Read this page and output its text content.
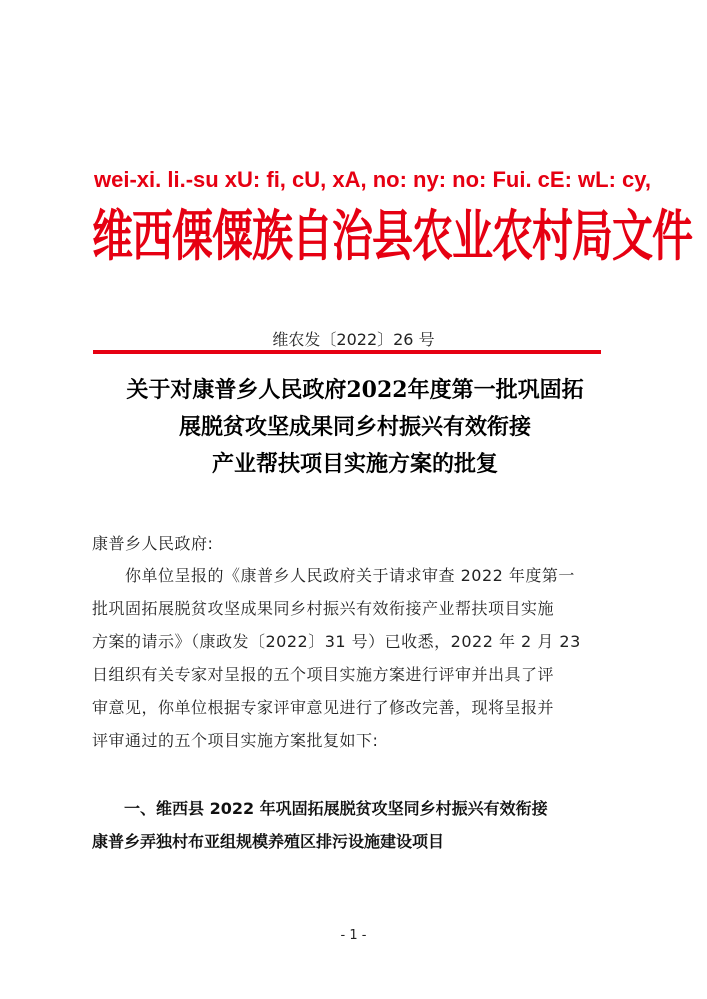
wei-xi. li.-su xU: fi, cU, xA, no: ny: no: Fui. cE: wL: cy,
维西傈僳族自治县农业农村局文件
维农发〔2022〕26 号
关于对康普乡人民政府2022年度第一批巩固拓
展脱贫攻坚成果同乡村振兴有效衔接
产业帮扶项目实施方案的批复
康普乡人民政府:
　　你单位呈报的《康普乡人民政府关于请求审查 2022 年度第一
批巩固拓展脱贫攻坚成果同乡村振兴有效衔接产业帮扶项目实施
方案的请示》（康政发〔2022〕31 号）已收悉，2022 年 2 月 23
日组织有关专家对呈报的五个项目实施方案进行评审并出具了评
审意见，你单位根据专家评审意见进行了修改完善，现将呈报并
评审通过的五个项目实施方案批复如下:
　　一、维西县 2022 年巩固拓展脱贫攻坚同乡村振兴有效衔接
康普乡弄独村布亚组规模养殖区排污设施建设项目
- 1 -
